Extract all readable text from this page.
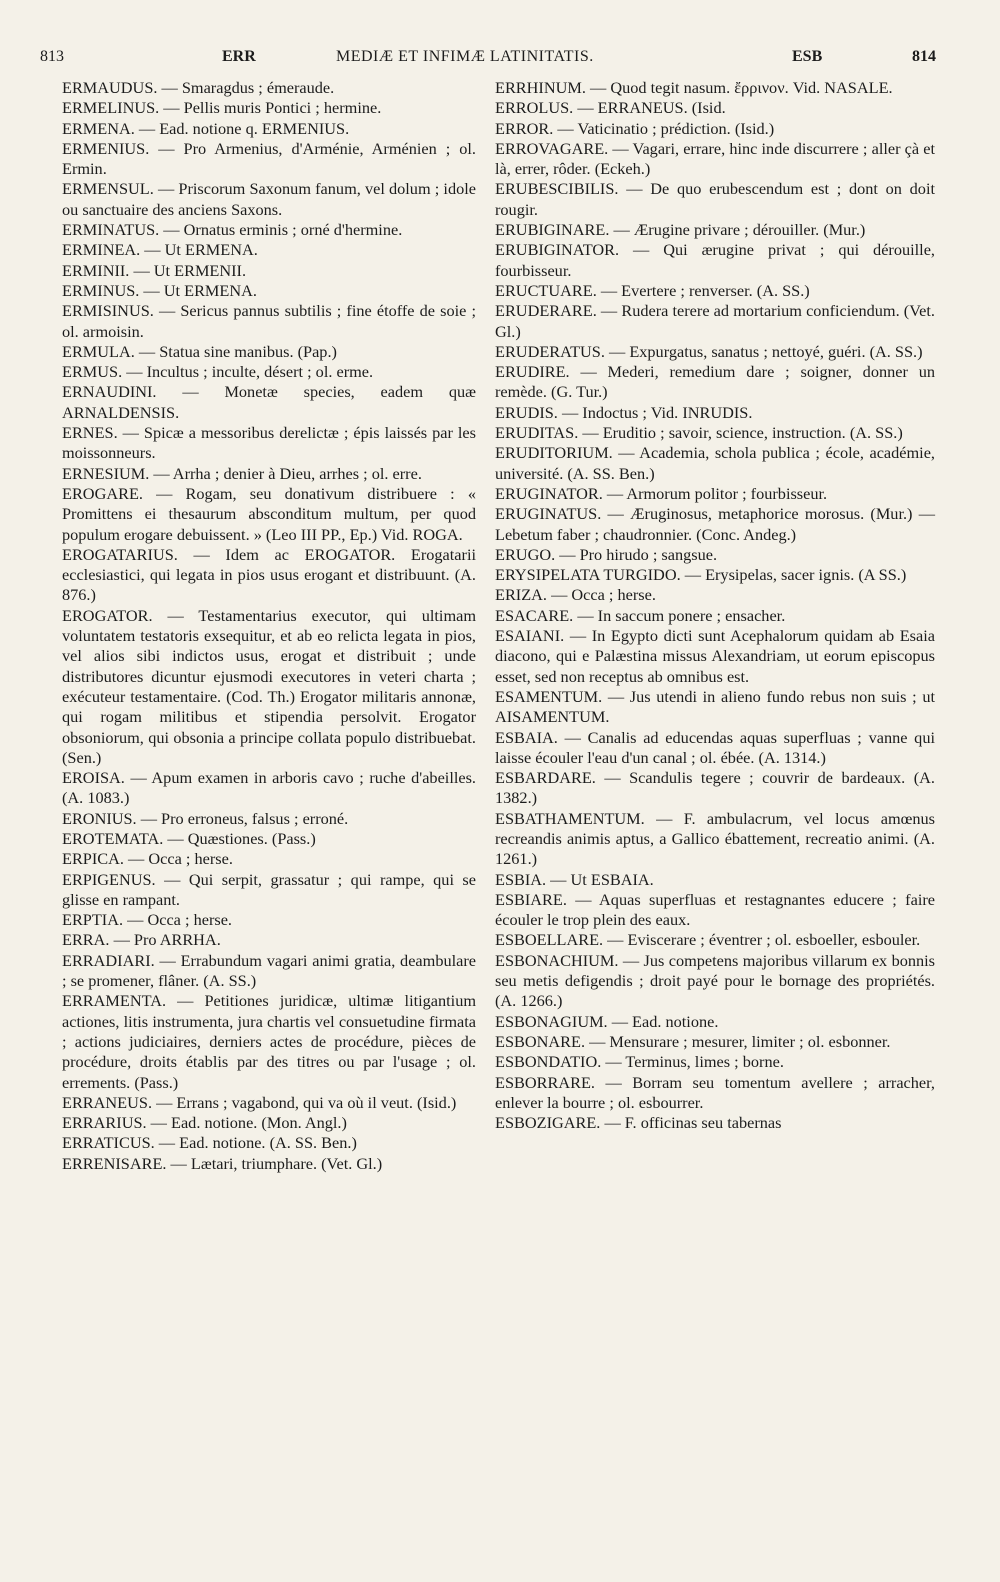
813	ERR	MEDIÆ ET INFIMÆ LATINITATIS.	ESB	814

ERMAUDUS. — Smaragdus ; émeraude.

ERMELINUS. — Pellis muris Pontici ; hermine.

ERMENA. — Ead. notione q. ERMENIUS.

ERMENIUS. — Pro Armenius, d'Arménie, Arménien ; ol. Ermin.

ERMENSUL. — Priscorum Saxonum fanum, vel dolum ; idole ou sanctuaire des anciens Saxons.

ERMINATUS. — Ornatus erminis ; orné d'hermine.

ERMINEA. — Ut ERMENA.

ERMINII. — Ut ERMENII.

ERMINUS. — Ut ERMENA.

ERMISINUS. — Sericus pannus subtilis ; fine étoffe de soie ; ol. armoisin.

ERMULA. — Statua sine manibus. (Pap.)

ERMUS. — Incultus ; inculte, désert ; ol. erme.

ERNAUDINI. — Monetæ species, eadem quæ ARNALDENSIS.

ERNES. — Spicæ a messoribus derelictæ ; épis laissés par les moissonneurs.

ERNESIUM. — Arrha ; denier à Dieu, arrhes ; ol. erre.

EROGARE. — Rogam, seu donativum distribuere : « Promittens ei thesaurum absconditum multum, per quod populum erogare debuissent. » (Leo III PP., Ep.) Vid. ROGA.

EROGATARIUS. — Idem ac EROGATOR. Erogatarii ecclesiastici, qui legata in pios usus erogant et distribuunt. (A. 876.)

EROGATOR. — Testamentarius executor, qui ultimam voluntatem testatoris exsequitur, et ab eo relicta legata in pios, vel alios sibi indictos usus, erogat et distribuit ; unde distributores dicuntur ejusmodi executores in veteri charta ; exécuteur testamentaire. (Cod. Th.) Erogator militaris annonæ, qui rogam militibus et stipendia persolvit. Erogator obsoniorum, qui obsonia a principe collata populo distribuebat. (Sen.)

EROISA. — Apum examen in arboris cavo ; ruche d'abeilles. (A. 1083.)

ERONIUS. — Pro erroneus, falsus ; erroné.

EROTEMATA. — Quæstiones. (Pass.)

ERPICA. — Occa ; herse.

ERPIGENUS. — Qui serpit, grassatur ; qui rampe, qui se glisse en rampant.

ERPTIA. — Occa ; herse.

ERRA. — Pro ARRHA.

ERRADIARI. — Errabundum vagari animi gratia, deambulare ; se promener, flâner. (A. SS.)

ERRAMENTA. — Petitiones juridicæ, ultimæ litigantium actiones, litis instrumenta, jura chartis vel consuetudine firmata ; actions judiciaires, derniers actes de procédure, pièces de procédure, droits établis par des titres ou par l'usage ; ol. errements. (Pass.)

ERRANEUS. — Errans ; vagabond, qui va où il veut. (Isid.)

ERRARIUS. — Ead. notione. (Mon. Angl.)

ERRATICUS. — Ead. notione. (A. SS. Ben.)

ERRENISARE. — Lætari, triumphare. (Vet. Gl.)

ERRHINUM. — Quod tegit nasum. ἔρρινον. Vid. NASALE.

ERROLUS. — ERRANEUS. (Isid.

ERROR. — Vaticinatio ; prédiction. (Isid.)

ERROVAGARE. — Vagari, errare, hinc inde discurrere ; aller çà et là, errer, rôder. (Eckeh.)

ERUBESCIBILIS. — De quo erubescendum est ; dont on doit rougir.

ERUBIGINARE. — Ærugine privare ; dérouiller. (Mur.)

ERUBIGINATOR. — Qui ærugine privat ; qui dérouille, fourbisseur.

ERUCTUARE. — Evertere ; renverser. (A. SS.)

ERUDERARE. — Rudera terere ad mortarium conficiendum. (Vet. Gl.)

ERUDERATUS. — Expurgatus, sanatus ; nettoyé, guéri. (A. SS.)

ERUDIRE. — Mederi, remedium dare ; soigner, donner un remède. (G. Tur.)

ERUDIS. — Indoctus ; Vid. INRUDIS.

ERUDITAS. — Eruditio ; savoir, science, instruction. (A. SS.)

ERUDITORIUM. — Academia, schola publica ; école, académie, université. (A. SS. Ben.)

ERUGINATOR. — Armorum politor ; fourbisseur.

ERUGINATUS. — Æruginosus, metaphorice morosus. (Mur.) — Lebetum faber ; chaudronnier. (Conc. Andeg.)

ERUGO. — Pro hirudo ; sangsue.

ERYSIPELATA TURGIDO. — Erysipelas, sacer ignis. (A SS.)

ERIZA. — Occa ; herse.

ESACARE. — In saccum ponere ; ensacher.

ESAIANI. — In Egypto dicti sunt Acephalorum quidam ab Esaia diacono, qui e Palæstina missus Alexandriam, ut eorum episcopus esset, sed non receptus ab omnibus est.

ESAMENTUM. — Jus utendi in alieno fundo rebus non suis ; ut AISAMENTUM.

ESBAIA. — Canalis ad educendas aquas superfluas ; vanne qui laisse écouler l'eau d'un canal ; ol. ébée. (A. 1314.)

ESBARDARE. — Scandulis tegere ; couvrir de bardeaux. (A. 1382.)

ESBATHAMENTUM. — F. ambulacrum, vel locus amœnus recreandis animis aptus, a Gallico ébattement, recreatio animi. (A. 1261.)

ESBIA. — Ut ESBAIA.

ESBIARE. — Aquas superfluas et restagnantes educere ; faire écouler le trop plein des eaux.

ESBOELLARE. — Eviscerare ; éventrer ; ol. esboeller, esbouler.

ESBONACHIUM. — Jus competens majoribus villarum ex bonnis seu metis defigendis ; droit payé pour le bornage des propriétés. (A. 1266.)

ESBONAGIUM. — Ead. notione.

ESBONARE. — Mensurare ; mesurer, limiter ; ol. esbonner.

ESBONDATIO. — Terminus, limes ; borne.

ESBORRARE. — Borram seu tomentum avellere ; arracher, enlever la bourre ; ol. esbourrer.

ESBOZIGARE. — F. officinas seu tabernas
